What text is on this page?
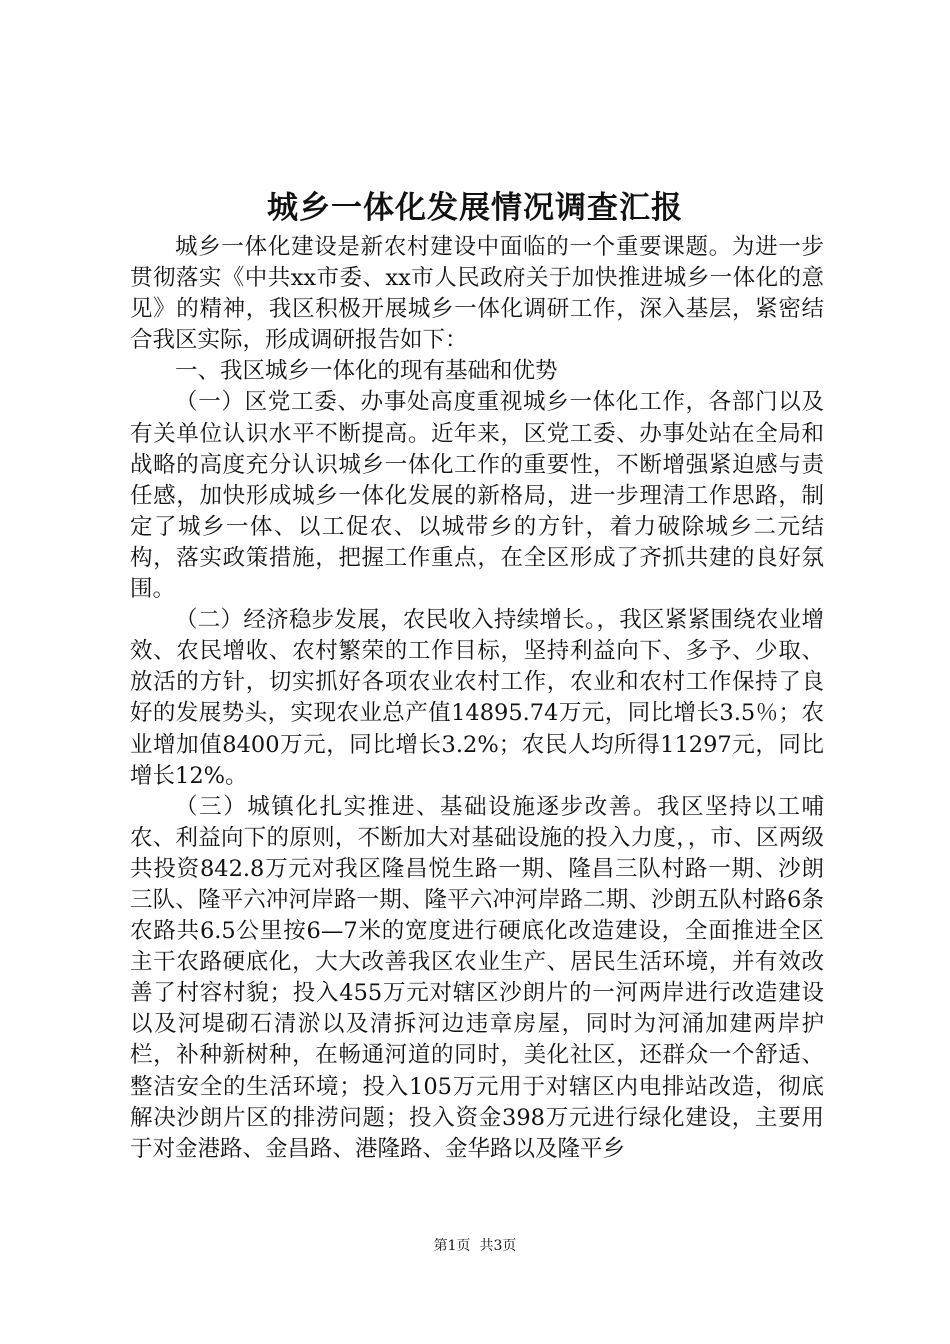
城乡一体化发展情况调查汇报

城乡一体化建设是新农村建设中面临的一个重要课题。为进一步贯彻落实《中共xx市委、xx市人民政府关于加快推进城乡一体化的意见》的精神，我区积极开展城乡一体化调研工作，深入基层，紧密结合我区实际，形成调研报告如下：

一、我区城乡一体化的现有基础和优势

（一）区党工委、办事处高度重视城乡一体化工作，各部门以及有关单位认识水平不断提高。近年来，区党工委、办事处站在全局和战略的高度充分认识城乡一体化工作的重要性，不断增强紧迫感与责任感，加快形成城乡一体化发展的新格局，进一步理清工作思路，制定了城乡一体、以工促农、以城带乡的方针，着力破除城乡二元结构，落实政策措施，把握工作重点，在全区形成了齐抓共建的良好氛围。

（二）经济稳步发展，农民收入持续增长。，我区紧紧围绕农业增效、农民增收、农村繁荣的工作目标，坚持利益向下、多予、少取、放活的方针，切实抓好各项农业农村工作，农业和农村工作保持了良好的发展势头，实现农业总产值14895.74万元，同比增长3.5％；农业增加值8400万元，同比增长3.2%；农民人均所得11297元，同比增长12%。

（三）城镇化扎实推进、基础设施逐步改善。我区坚持以工哺农、利益向下的原则，不断加大对基础设施的投入力度，，市、区两级共投资842.8万元对我区隆昌悦生路一期、隆昌三队村路一期、沙朗三队、隆平六冲河岸路一期、隆平六冲河岸路二期、沙朗五队村路6条农路共6.5公里按6—7米的宽度进行硬底化改造建设，全面推进全区主干农路硬底化，大大改善我区农业生产、居民生活环境，并有效改善了村容村貌；投入455万元对辖区沙朗片的一河两岸进行改造建设以及河堤砌石清淤以及清拆河边违章房屋，同时为河涌加建两岸护栏，补种新树种，在畅通河道的同时，美化社区，还群众一个舒适、整洁安全的生活环境；投入105万元用于对辖区内电排站改造，彻底解决沙朗片区的排涝问题；投入资金398万元进行绿化建设，主要用于对金港路、金昌路、港隆路、金华路以及隆平乡

第1页 共3页
